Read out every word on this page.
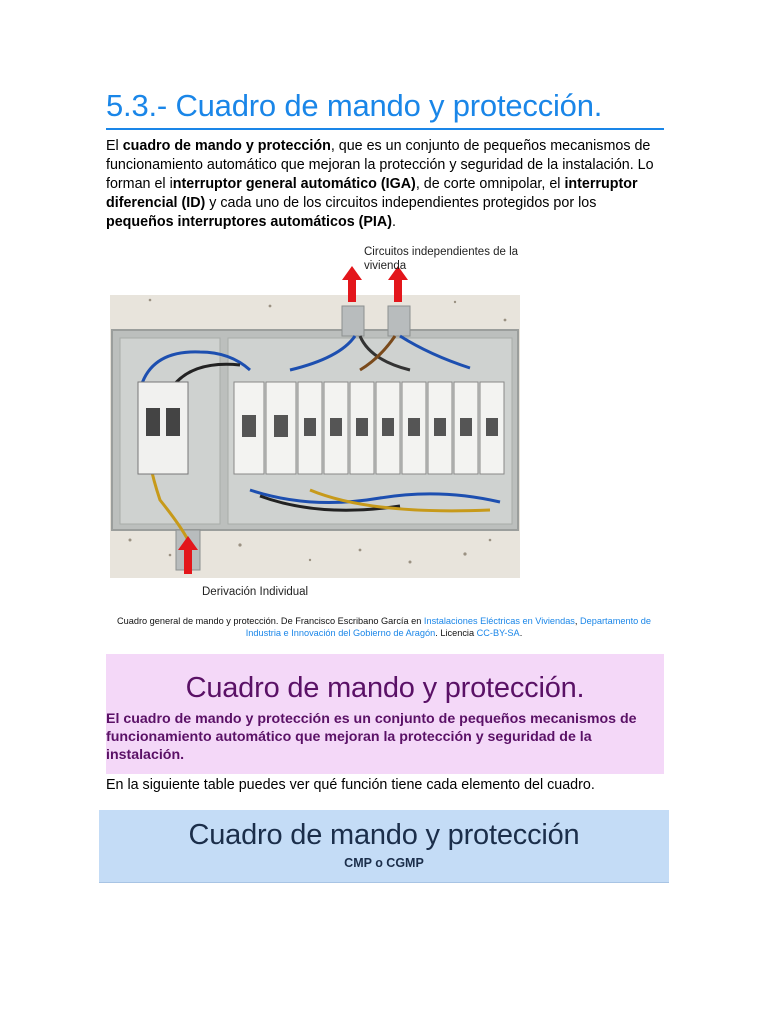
5.3.- Cuadro de mando y protección.

El cuadro de mando y protección, que es un conjunto de pequeños mecanismos de funcionamiento automático que mejoran la protección y seguridad de la instalación. Lo forman el interruptor general automático (IGA), de corte omnipolar, el interruptor diferencial (ID) y cada uno de los circuitos independientes protegidos por los pequeños interruptores automáticos (PIA).

Circuitos independientes de la vivienda
Derivación Individual
Cuadro general de mando y protección. De Francisco Escribano García en Instalaciones Eléctricas en Viviendas, Departamento de Industria e Innovación del Gobierno de Aragón. Licencia CC-BY-SA.
Cuadro de mando y protección.
El cuadro de mando y protección es un conjunto de pequeños mecanismos de funcionamiento automático que mejoran la protección y seguridad de la instalación.
En la siguiente table puedes ver qué función tiene cada elemento del cuadro.
Cuadro de mando y protección
CMP o CGMP
